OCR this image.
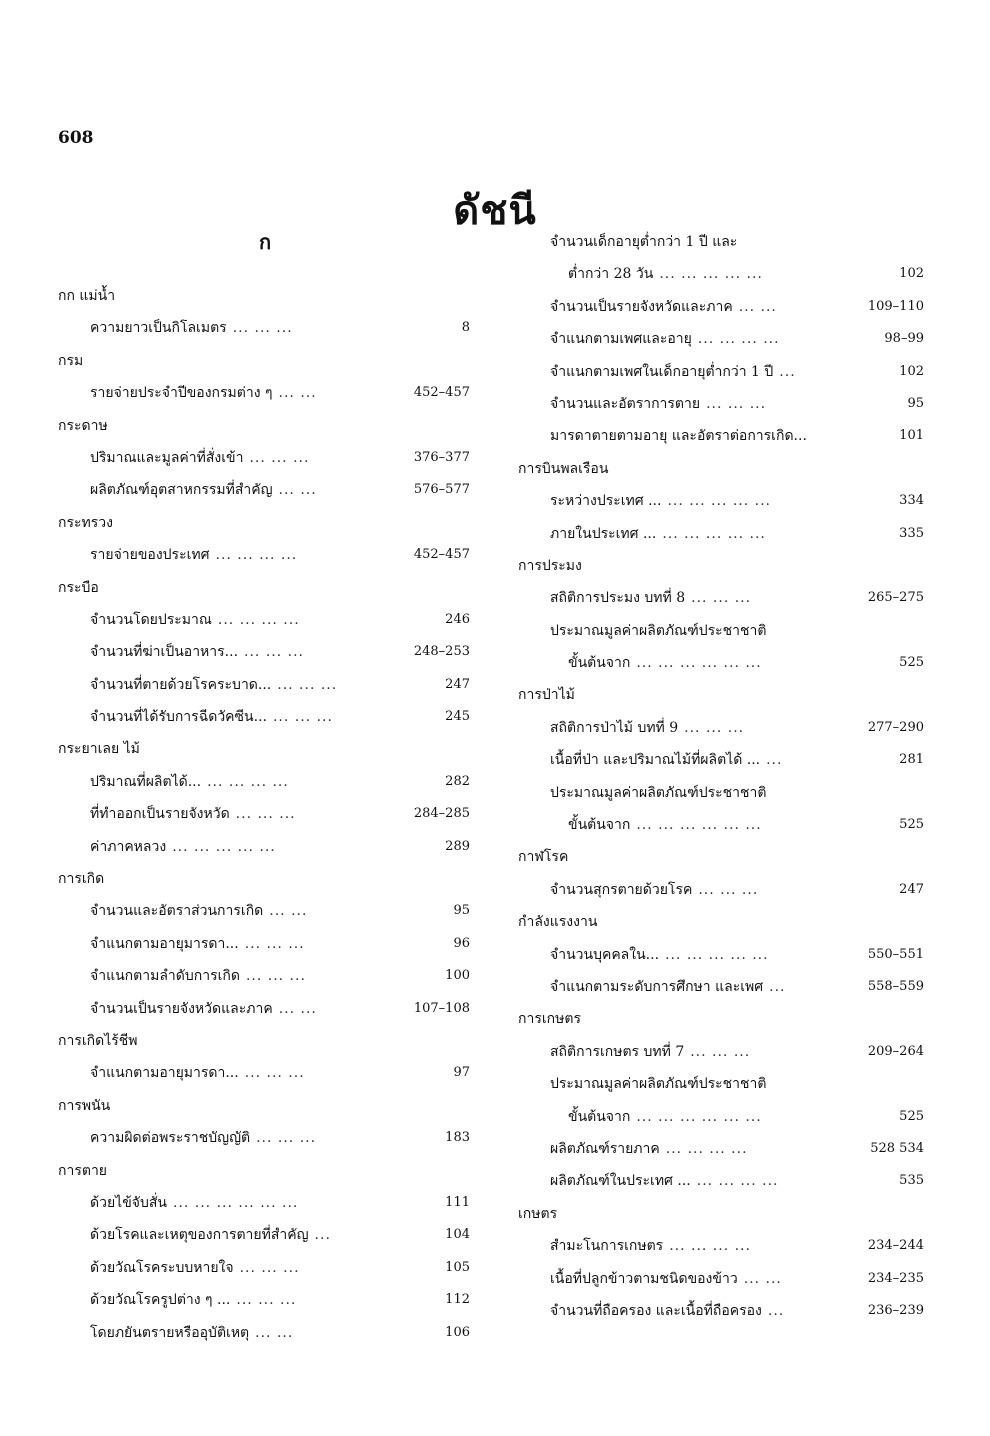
608
ดัชนี
ก
กก แม่น้ำ
ความยาวเป็นกิโลเมตร ... ... ...	8
กรม
รายจ่ายประจำปีของกรมต่าง ๆ ... ...	452–457
กระดาษ
ปริมาณและมูลค่าที่สั่งเข้า ... ... ...	376–377
ผลิตภัณฑ์อุตสาหกรรมที่สำคัญ ... ...	576–577
กระทรวง
รายจ่ายของประเทศ ... ... ... ...	452–457
กระบือ
จำนวนโดยประมาณ ... ... ... ...	246
จำนวนที่ฆ่าเป็นอาหาร... ... ... ...	248–253
จำนวนที่ตายด้วยโรคระบาด... ... ... ...	247
จำนวนที่ได้รับการฉีดวัคซีน... ... ... ...	245
กระยาเลย ไม้
ปริมาณที่ผลิตได้... ... ... ... ...	282
ที่ทำออกเป็นรายจังหวัด ... ... ...	284–285
ค่าภาคหลวง ... ... ... ... ...	289
การเกิด
จำนวนและอัตราส่วนการเกิด ... ...	95
จำแนกตามอายุมารดา... ... ... ...	96
จำแนกตามลำดับการเกิด ... ... ...	100
จำนวนเป็นรายจังหวัดและภาค ... ...	107–108
การเกิดไร้ชีพ
จำแนกตามอายุมารดา... ... ... ...	97
การพนัน
ความผิดต่อพระราชบัญญัติ ... ... ...	183
การตาย
ด้วยไข้จับสั่น ... ... ... ... ... ...	111
ด้วยโรคและเหตุของการตายที่สำคัญ ...	104
ด้วยวัณโรคระบบหายใจ ... ... ...	105
ด้วยวัณโรครูปต่าง ๆ ... ... ... ...	112
โดยภยันตรายหรืออุบัติเหตุ ... ...	106
จำนวนเด็กอายุต่ำกว่า 1 ปี และ
ต่ำกว่า 28 วัน ... ... ... ... ...	102
จำนวนเป็นรายจังหวัดและภาค ... ...	109–110
จำแนกตามเพศและอายุ ... ... ... ...	98–99
จำแนกตามเพศในเด็กอายุต่ำกว่า 1 ปี ...	102
จำนวนและอัตราการตาย ... ... ...	95
มารดาตายตามอายุ และอัตราต่อการเกิด...	101
การบินพลเรือน
ระหว่างประเทศ ... ... ... ... ... ...	334
ภายในประเทศ ... ... ... ... ... ...	335
การประมง
สถิติการประมง บทที่ 8 ... ... ...	265–275
ประมาณมูลค่าผลิตภัณฑ์ประชาชาติ
ขั้นต้นจาก ... ... ... ... ... ...	525
การป่าไม้
สถิติการป่าไม้ บทที่ 9 ... ... ...	277–290
เนื้อที่ป่า และปริมาณไม้ที่ผลิตได้ ... ...	281
ประมาณมูลค่าผลิตภัณฑ์ประชาชาติ
ขั้นต้นจาก ... ... ... ... ... ...	525
กาฬโรค
จำนวนสุกรตายด้วยโรค ... ... ...	247
กำลังแรงงาน
จำนวนบุคคลใน... ... ... ... ... ...	550–551
จำแนกตามระดับการศึกษา และเพศ ...	558–559
การเกษตร
สถิติการเกษตร บทที่ 7 ... ... ...	209–264
ประมาณมูลค่าผลิตภัณฑ์ประชาชาติ
ขั้นต้นจาก ... ... ... ... ... ...	525
ผลิตภัณฑ์รายภาค ... ... ... ...	528 534
ผลิตภัณฑ์ในประเทศ ... ... ... ... ...	535
เกษตร
สำมะโนการเกษตร ... ... ... ...	234–244
เนื้อที่ปลูกข้าวตามชนิดของข้าว ... ...	234–235
จำนวนที่ถือครอง และเนื้อที่ถือครอง ...	236–239
